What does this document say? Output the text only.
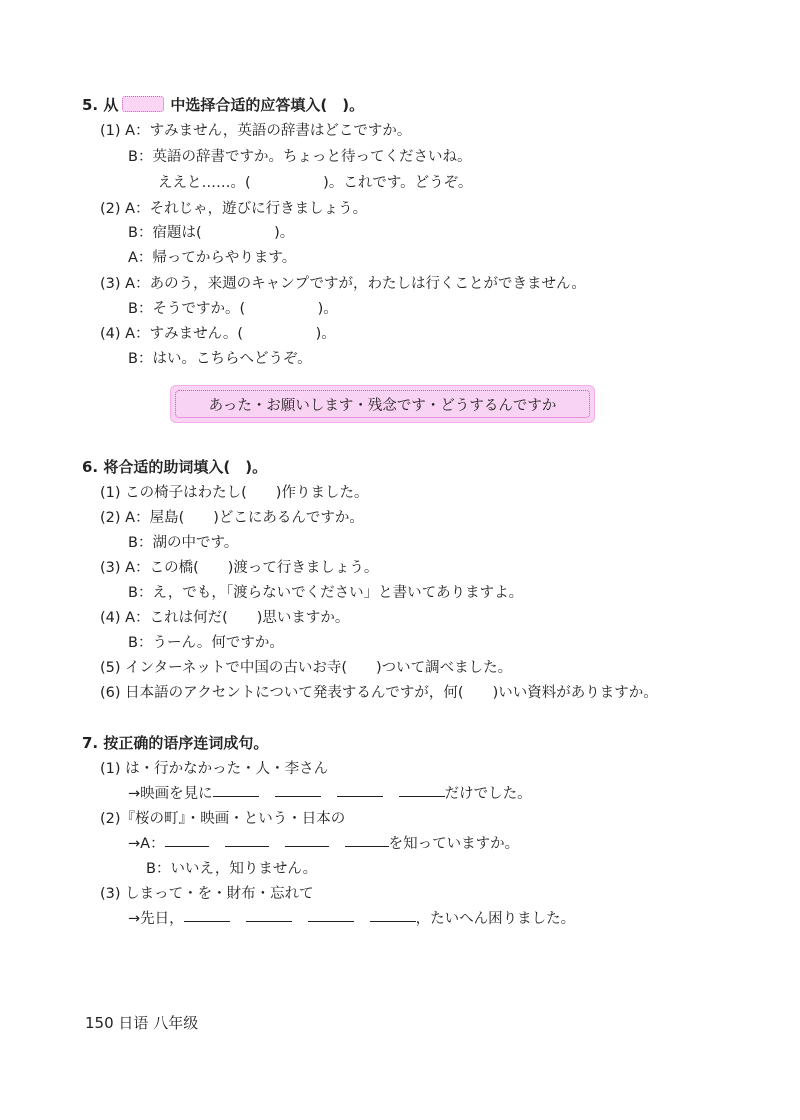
5. 从	中选择合适的应答填入(　)。
(1) A：すみません，英語の辞書はどこですか。
B：英語の辞書ですか。ちょっと待ってくださいね。
ええと……。(　　　　　)。これです。どうぞ。
(2) A：それじゃ，遊びに行きましょう。
B：宿題は(　　　　　)。
A：帰ってからやります。
(3) A：あのう，来週のキャンプですが，わたしは行くことができません。
B：そうですか。(　　　　　)。
(4) A：すみません。(　　　　　)。
B：はい。こちらへどうぞ。
あった・お願いします・残念です・どうするんですか
6. 将合适的助词填入(　)。
(1) この椅子はわたし(　　)作りました。
(2) A：屋島(　　)どこにあるんですか。
B：湖の中です。
(3) A：この橋(　　)渡って行きましょう。
B：え，でも，「渡らないでください」と書いてありますよ。
(4) A：これは何だ(　　)思いますか。
B：うーん。何ですか。
(5) インターネットで中国の古いお寺(　　)ついて調べました。
(6) 日本語のアクセントについて発表するんですが，何(　　)いい資料がありますか。
7. 按正确的语序连词成句。
(1) は・行かなかった・人・李さん
→映画を見に	だけでした。
(2)『桜の町』・映画・という・日本の
→A：	を知っていますか。
B：いいえ，知りません。
(3) しまって・を・財布・忘れて
→先日，	，たいへん困りました。
150 日语 八年级
